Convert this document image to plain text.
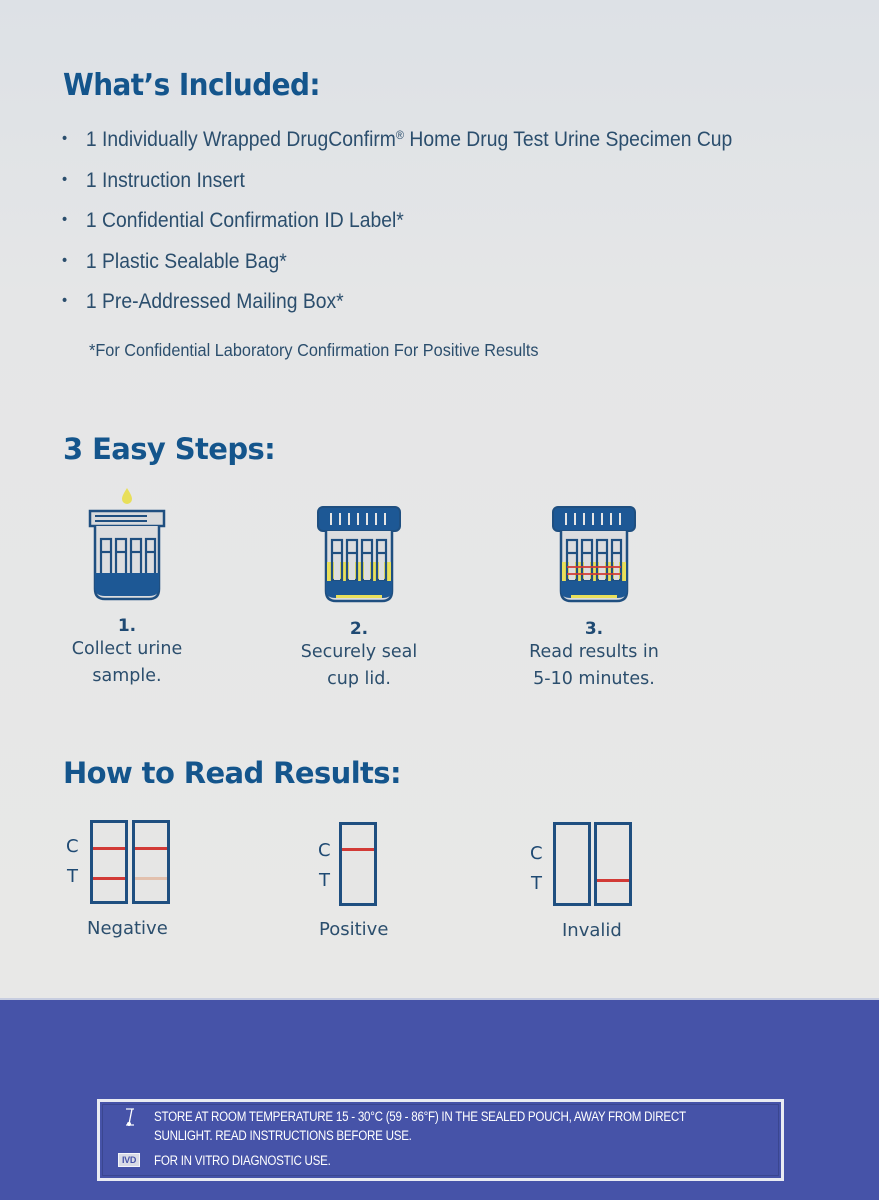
What’s Included:
• 1 Individually Wrapped DrugConfirm® Home Drug Test Urine Specimen Cup
• 1 Instruction Insert
• 1 Confidential Confirmation ID Label*
• 1 Plastic Sealable Bag*
• 1 Pre-Addressed Mailing Box*
*For Confidential Laboratory Confirmation For Positive Results
3 Easy Steps:
1.
Collect urine
sample.
2.
Securely seal
cup lid.
3.
Read results in
5-10 minutes.
How to Read Results:
C
T
Negative
C
T
Positive
C
T
Invalid
STORE AT ROOM TEMPERATURE 15 - 30°C (59 - 86°F) IN THE SEALED POUCH, AWAY FROM DIRECT
SUNLIGHT. READ INSTRUCTIONS BEFORE USE.
IVD FOR IN VITRO DIAGNOSTIC USE.
